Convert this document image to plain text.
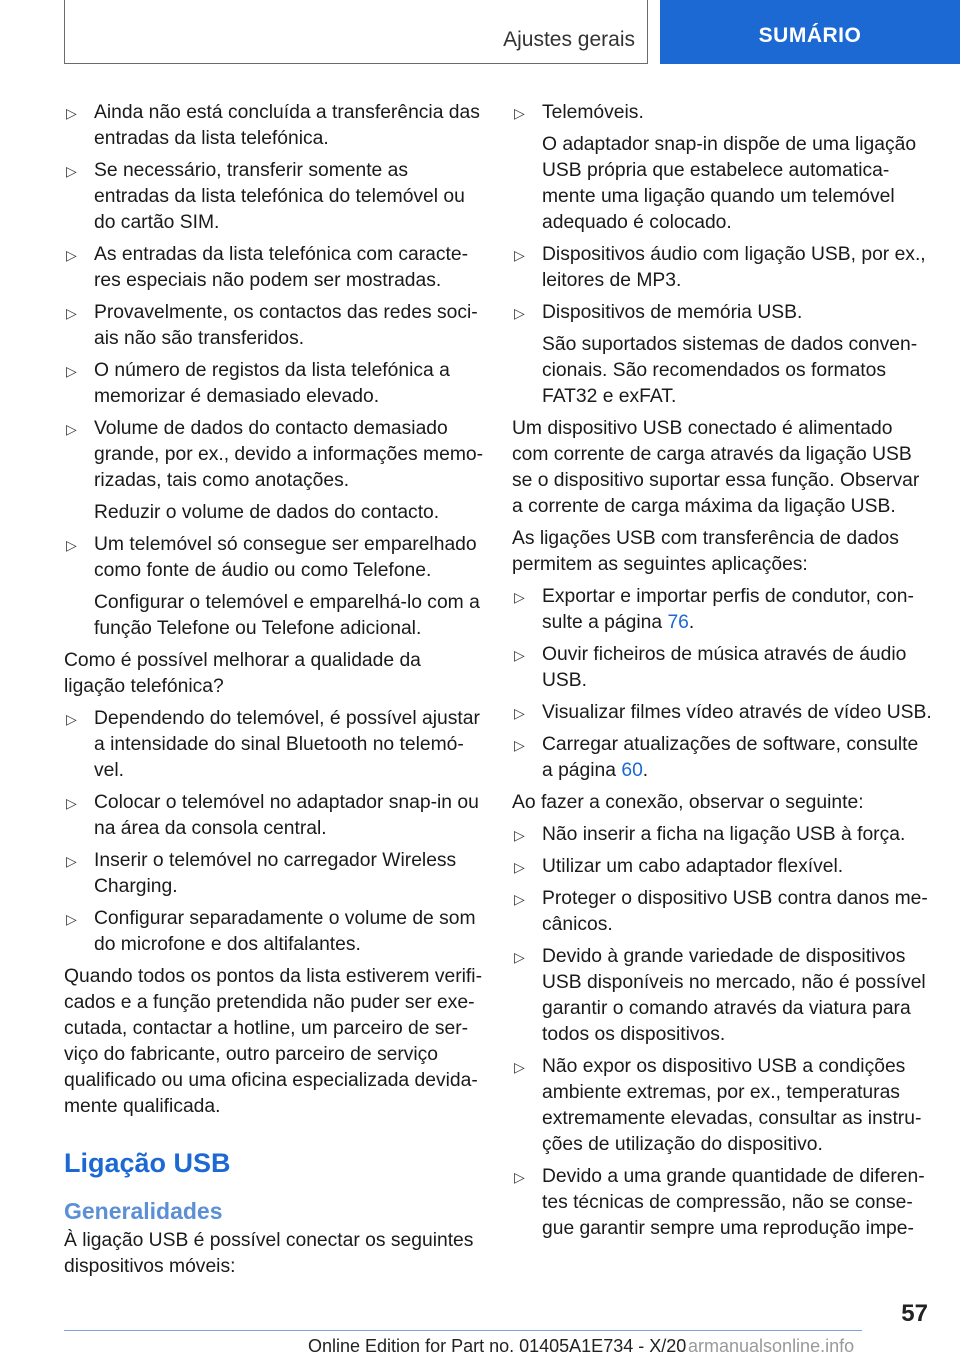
Ajustes gerais	SUMÁRIO
▷ Ainda não está concluída a transferência das entradas da lista telefónica.
▷ Se necessário, transferir somente as entradas da lista telefónica do telemóvel ou do cartão SIM.
▷ As entradas da lista telefónica com caracteres especiais não podem ser mostradas.
▷ Provavelmente, os contactos das redes sociais não são transferidos.
▷ O número de registos da lista telefónica a memorizar é demasiado elevado.
▷ Volume de dados do contacto demasiado grande, por ex., devido a informações memorizadas, tais como anotações.
Reduzir o volume de dados do contacto.
▷ Um telemóvel só consegue ser emparelhado como fonte de áudio ou como Telefone.
Configurar o telemóvel e emparelhá-lo com a função Telefone ou Telefone adicional.
Como é possível melhorar a qualidade da ligação telefónica?
▷ Dependendo do telemóvel, é possível ajustar a intensidade do sinal Bluetooth no telemóvel.
▷ Colocar o telemóvel no adaptador snap-in ou na área da consola central.
▷ Inserir o telemóvel no carregador Wireless Charging.
▷ Configurar separadamente o volume de som do microfone e dos altifalantes.
Quando todos os pontos da lista estiverem verificados e a função pretendida não puder ser executada, contactar a hotline, um parceiro de serviço do fabricante, outro parceiro de serviço qualificado ou uma oficina especializada devidamente qualificada.
Ligação USB
Generalidades
À ligação USB é possível conectar os seguintes dispositivos móveis:
▷ Telemóveis.
O adaptador snap-in dispõe de uma ligação USB própria que estabelece automaticamente uma ligação quando um telemóvel adequado é colocado.
▷ Dispositivos áudio com ligação USB, por ex., leitores de MP3.
▷ Dispositivos de memória USB.
São suportados sistemas de dados convencionais. São recomendados os formatos FAT32 e exFAT.
Um dispositivo USB conectado é alimentado com corrente de carga através da ligação USB se o dispositivo suportar essa função. Observar a corrente de carga máxima da ligação USB.
As ligações USB com transferência de dados permitem as seguintes aplicações:
▷ Exportar e importar perfis de condutor, consulte a página 76.
▷ Ouvir ficheiros de música através de áudio USB.
▷ Visualizar filmes vídeo através de vídeo USB.
▷ Carregar atualizações de software, consulte a página 60.
Ao fazer a conexão, observar o seguinte:
▷ Não inserir a ficha na ligação USB à força.
▷ Utilizar um cabo adaptador flexível.
▷ Proteger o dispositivo USB contra danos mecânicos.
▷ Devido à grande variedade de dispositivos USB disponíveis no mercado, não é possível garantir o comando através da viatura para todos os dispositivos.
▷ Não expor os dispositivo USB a condições ambiente extremas, por ex., temperaturas extremamente elevadas, consultar as instruções de utilização do dispositivo.
▷ Devido a uma grande quantidade de diferentes técnicas de compressão, não se consegue garantir sempre uma reprodução impe-
57
Online Edition for Part no. 01405A1E734 - X/20 armanualsonline.info
